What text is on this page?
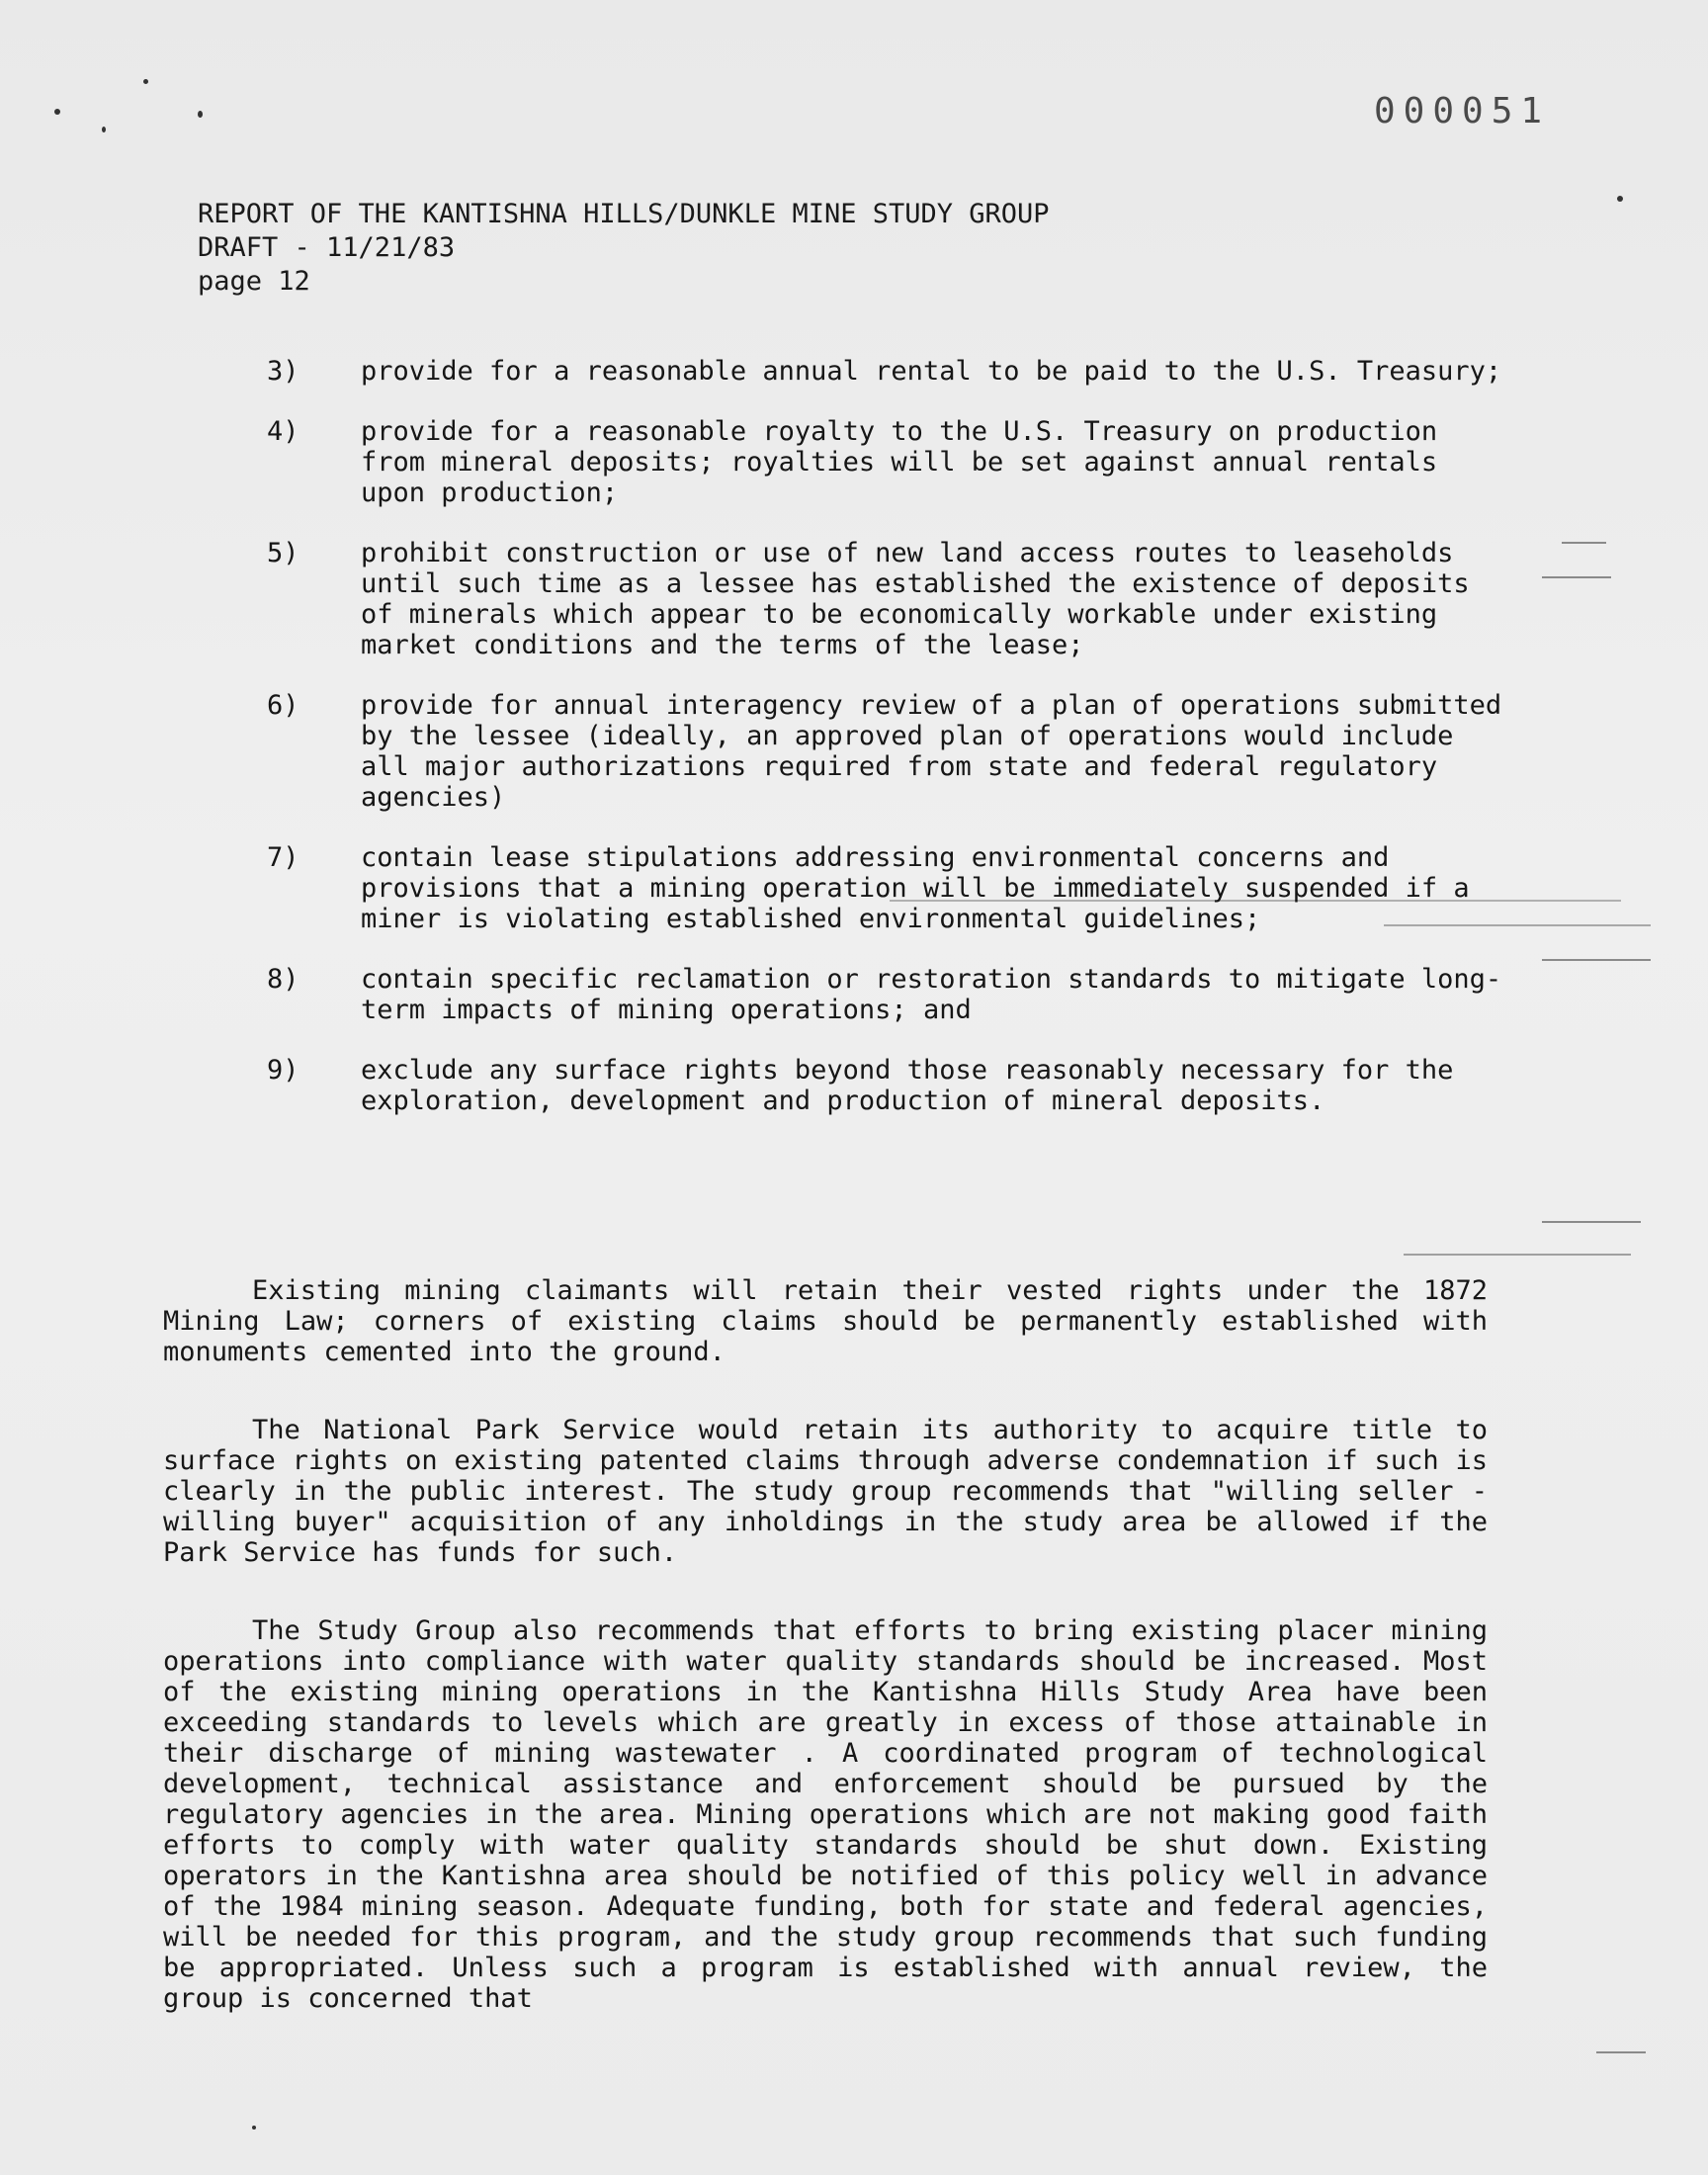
000051
REPORT OF THE KANTISHNA HILLS/DUNKLE MINE STUDY GROUP
DRAFT - 11/21/83
page 12
3) provide for a reasonable annual rental to be paid to the U.S. Treasury;
4) provide for a reasonable royalty to the U.S. Treasury on production from mineral deposits; royalties will be set against annual rentals upon production;
5) prohibit construction or use of new land access routes to leaseholds until such time as a lessee has established the existence of deposits of minerals which appear to be economically workable under existing market conditions and the terms of the lease;
6) provide for annual interagency review of a plan of operations submitted by the lessee (ideally, an approved plan of operations would include all major authorizations required from state and federal regulatory agencies)
7) contain lease stipulations addressing environmental concerns and provisions that a mining operation will be immediately suspended if a miner is violating established environmental guidelines;
8) contain specific reclamation or restoration standards to mitigate long-term impacts of mining operations; and
9) exclude any surface rights beyond those reasonably necessary for the exploration, development and production of mineral deposits.

Existing mining claimants will retain their vested rights under the 1872 Mining Law; corners of existing claims should be permanently established with monuments cemented into the ground.

The National Park Service would retain its authority to acquire title to surface rights on existing patented claims through adverse condemnation if such is clearly in the public interest. The study group recommends that "willing seller - willing buyer" acquisition of any inholdings in the study area be allowed if the Park Service has funds for such.

The Study Group also recommends that efforts to bring existing placer mining operations into compliance with water quality standards should be increased. Most of the existing mining operations in the Kantishna Hills Study Area have been exceeding standards to levels which are greatly in excess of those attainable in their discharge of mining wastewater . A coordinated program of technological development, technical assistance and enforcement should be pursued by the regulatory agencies in the area. Mining operations which are not making good faith efforts to comply with water quality standards should be shut down. Existing operators in the Kantishna area should be notified of this policy well in advance of the 1984 mining season. Adequate funding, both for state and federal agencies, will be needed for this program, and the study group recommends that such funding be appropriated. Unless such a program is established with annual review, the group is concerned that
